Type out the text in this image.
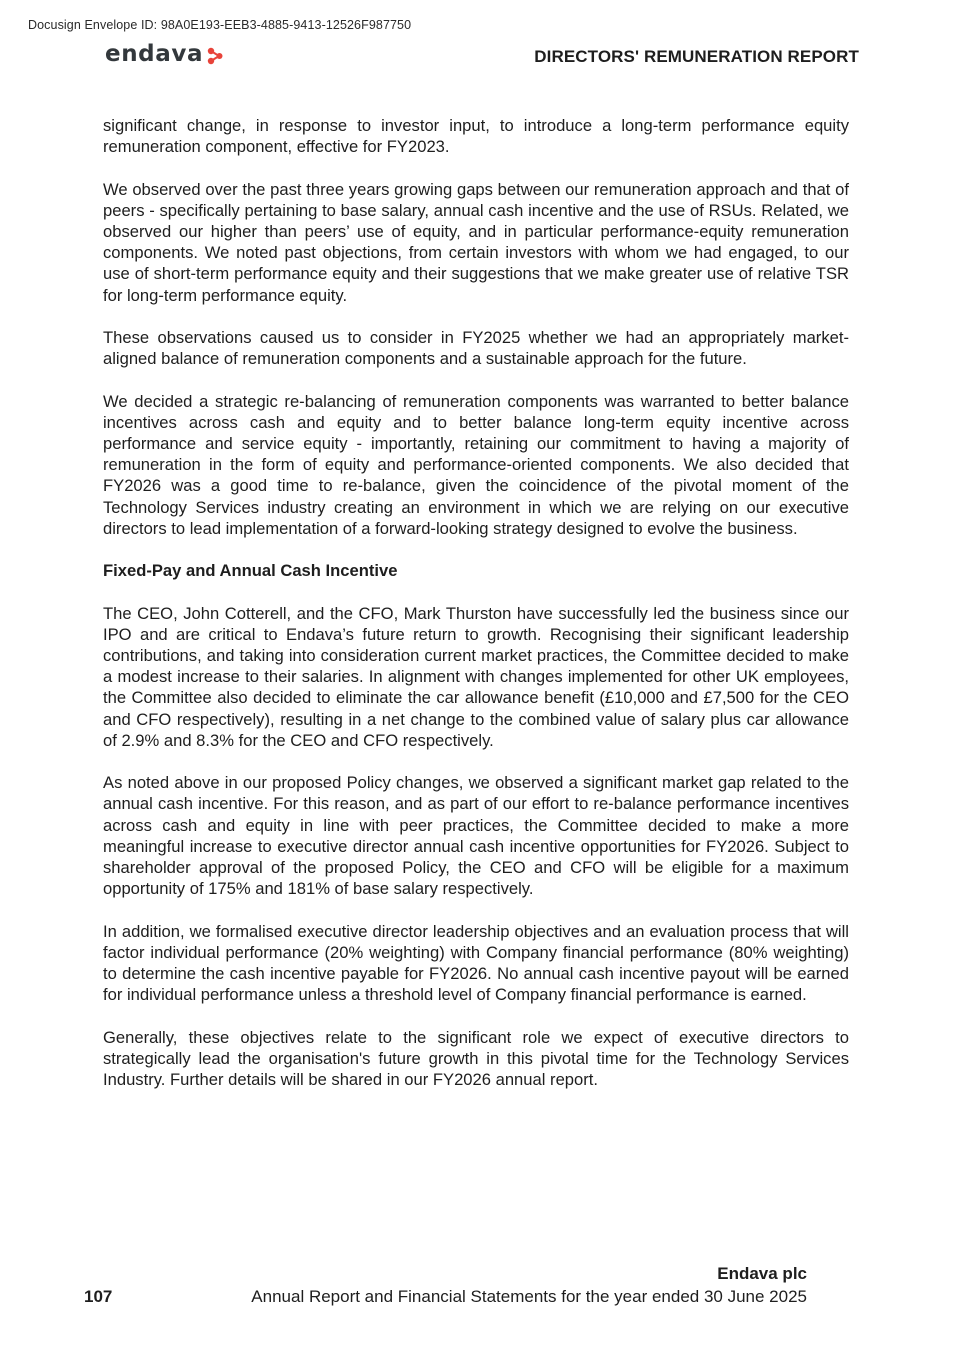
Docusign Envelope ID: 98A0E193-EEB3-4885-9413-12526F987750
endava	DIRECTORS' REMUNERATION REPORT

significant change, in response to investor input, to introduce a long-term performance equity remuneration component, effective for FY2023.

We observed over the past three years growing gaps between our remuneration approach and that of peers - specifically pertaining to base salary, annual cash incentive and the use of RSUs. Related, we observed our higher than peers’ use of equity, and in particular performance-equity remuneration components. We noted past objections, from certain investors with whom we had engaged, to our use of short-term performance equity and their suggestions that we make greater use of relative TSR for long-term performance equity.

These observations caused us to consider in FY2025 whether we had an appropriately market-aligned balance of remuneration components and a sustainable approach for the future.

We decided a strategic re-balancing of remuneration components was warranted to better balance incentives across cash and equity and to better balance long-term equity incentive across performance and service equity - importantly, retaining our commitment to having a majority of remuneration in the form of equity and performance-oriented components. We also decided that FY2026 was a good time to re-balance, given the coincidence of the pivotal moment of the Technology Services industry creating an environment in which we are relying on our executive directors to lead implementation of a forward-looking strategy designed to evolve the business.

Fixed-Pay and Annual Cash Incentive

The CEO, John Cotterell, and the CFO, Mark Thurston have successfully led the business since our IPO and are critical to Endava’s future return to growth. Recognising their significant leadership contributions, and taking into consideration current market practices, the Committee decided to make a modest increase to their salaries. In alignment with changes implemented for other UK employees, the Committee also decided to eliminate the car allowance benefit (£10,000 and £7,500 for the CEO and CFO respectively), resulting in a net change to the combined value of salary plus car allowance of 2.9% and 8.3% for the CEO and CFO respectively.

As noted above in our proposed Policy changes, we observed a significant market gap related to the annual cash incentive. For this reason, and as part of our effort to re-balance performance incentives across cash and equity in line with peer practices, the Committee decided to make a more meaningful increase to executive director annual cash incentive opportunities for FY2026. Subject to shareholder approval of the proposed Policy, the CEO and CFO will be eligible for a maximum opportunity of 175% and 181% of base salary respectively.

In addition, we formalised executive director leadership objectives and an evaluation process that will factor individual performance (20% weighting) with Company financial performance (80% weighting) to determine the cash incentive payable for FY2026. No annual cash incentive payout will be earned for individual performance unless a threshold level of Company financial performance is earned.

Generally, these objectives relate to the significant role we expect of executive directors to strategically lead the organisation's future growth in this pivotal time for the Technology Services Industry. Further details will be shared in our FY2026 annual report.

Endava plc
107	Annual Report and Financial Statements for the year ended 30 June 2025
